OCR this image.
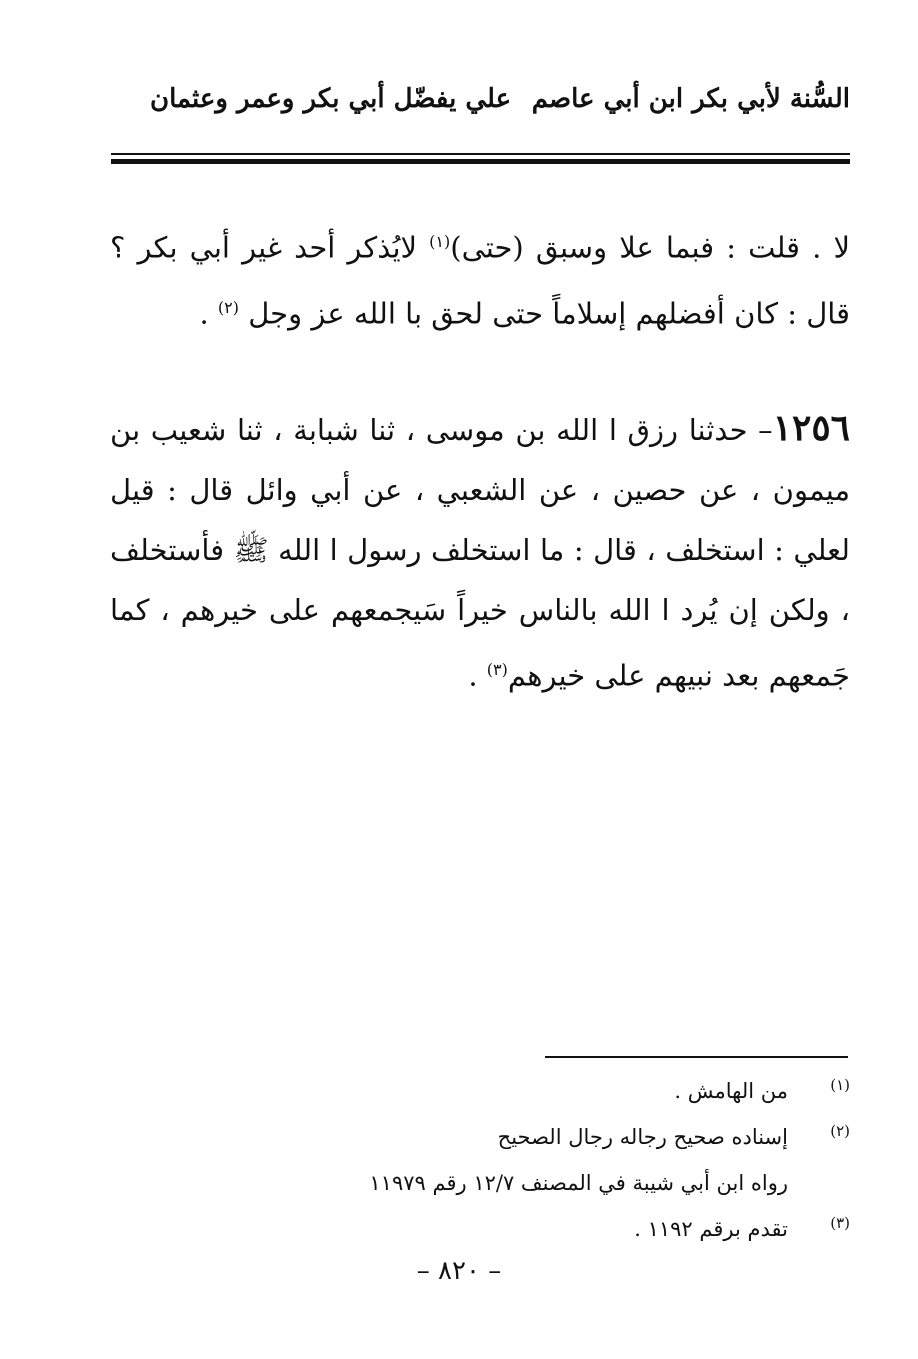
السُّنة لأبي بكر ابن أبي عاصم
علي يفضّل أبي بكر وعمر وعثمان
لا . قلت : فبما علا وسبق (حتى)$^{(١)}$ لايُذكر أحد غير أبي بكر ؟ قال : كان أفضلهم إسلاماً حتى لحق با الله عز وجل $^{(٢)}$ .
١٢٥٦– حدثنا رزق ا الله بن موسى ، ثنا شبابة ، ثنا شعيب بن ميمون ، عن حصين ، عن الشعبي ، عن أبي وائل قال : قيل لعلي : استخلف ، قال : ما استخلف رسول ا الله ﷺ فأستخلف ، ولكن إن يُرد ا الله بالناس خيراً سَيجمعهم على خيرهم ، كما جَمعهم بعد نبيهم على خيرهم$^{(٣)}$ .
(١)
من الهامش .
(٢)
إسناده صحيح رجاله رجال الصحيح
رواه ابن أبي شيبة في المصنف ١٢/٧ رقم ١١٩٧٩
(٣)
تقدم برقم ١١٩٢ .
– ٨٢٠ –
